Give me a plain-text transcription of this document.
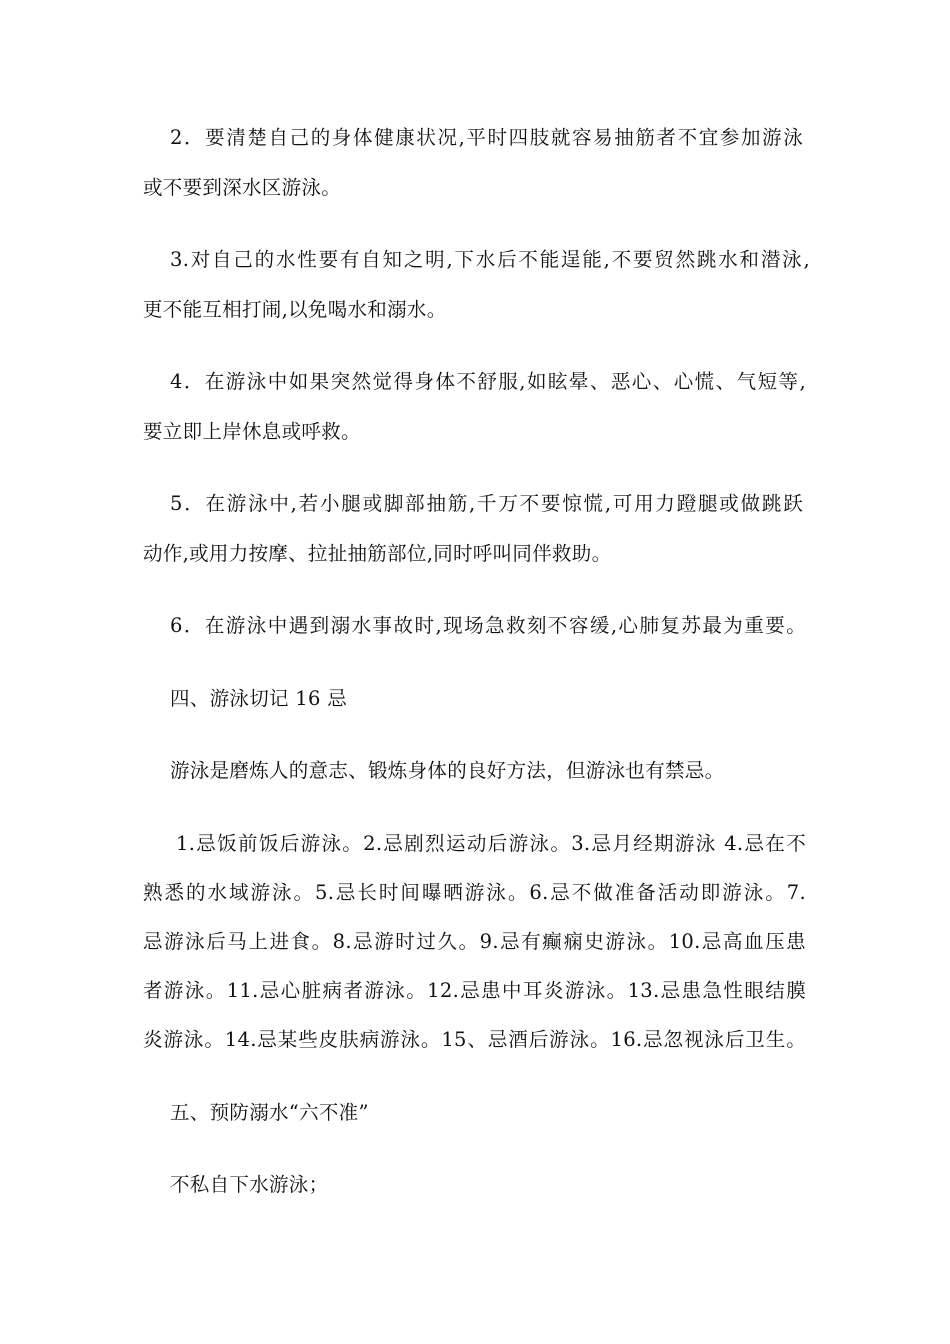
2．要清楚自己的身体健康状况,平时四肢就容易抽筋者不宜参加游泳
或不要到深水区游泳。
3.对自己的水性要有自知之明,下水后不能逞能,不要贸然跳水和潜泳,
更不能互相打闹,以免喝水和溺水。
4．在游泳中如果突然觉得身体不舒服,如眩晕、恶心、心慌、气短等,
要立即上岸休息或呼救。
5．在游泳中,若小腿或脚部抽筋,千万不要惊慌,可用力蹬腿或做跳跃
动作,或用力按摩、拉扯抽筋部位,同时呼叫同伴救助。
6．在游泳中遇到溺水事故时,现场急救刻不容缓,心肺复苏最为重要。
四、游泳切记 16 忌
游泳是磨炼人的意志、锻炼身体的良好方法，但游泳也有禁忌。
1.忌饭前饭后游泳。2.忌剧烈运动后游泳。3.忌月经期游泳 4.忌在不
熟悉的水域游泳。5.忌长时间曝晒游泳。6.忌不做准备活动即游泳。7.
忌游泳后马上进食。8.忌游时过久。9.忌有癫痫史游泳。10.忌高血压患
者游泳。11.忌心脏病者游泳。12.忌患中耳炎游泳。13.忌患急性眼结膜
炎游泳。14.忌某些皮肤病游泳。15、忌酒后游泳。16.忌忽视泳后卫生。
五、预防溺水“六不准”
不私自下水游泳；
